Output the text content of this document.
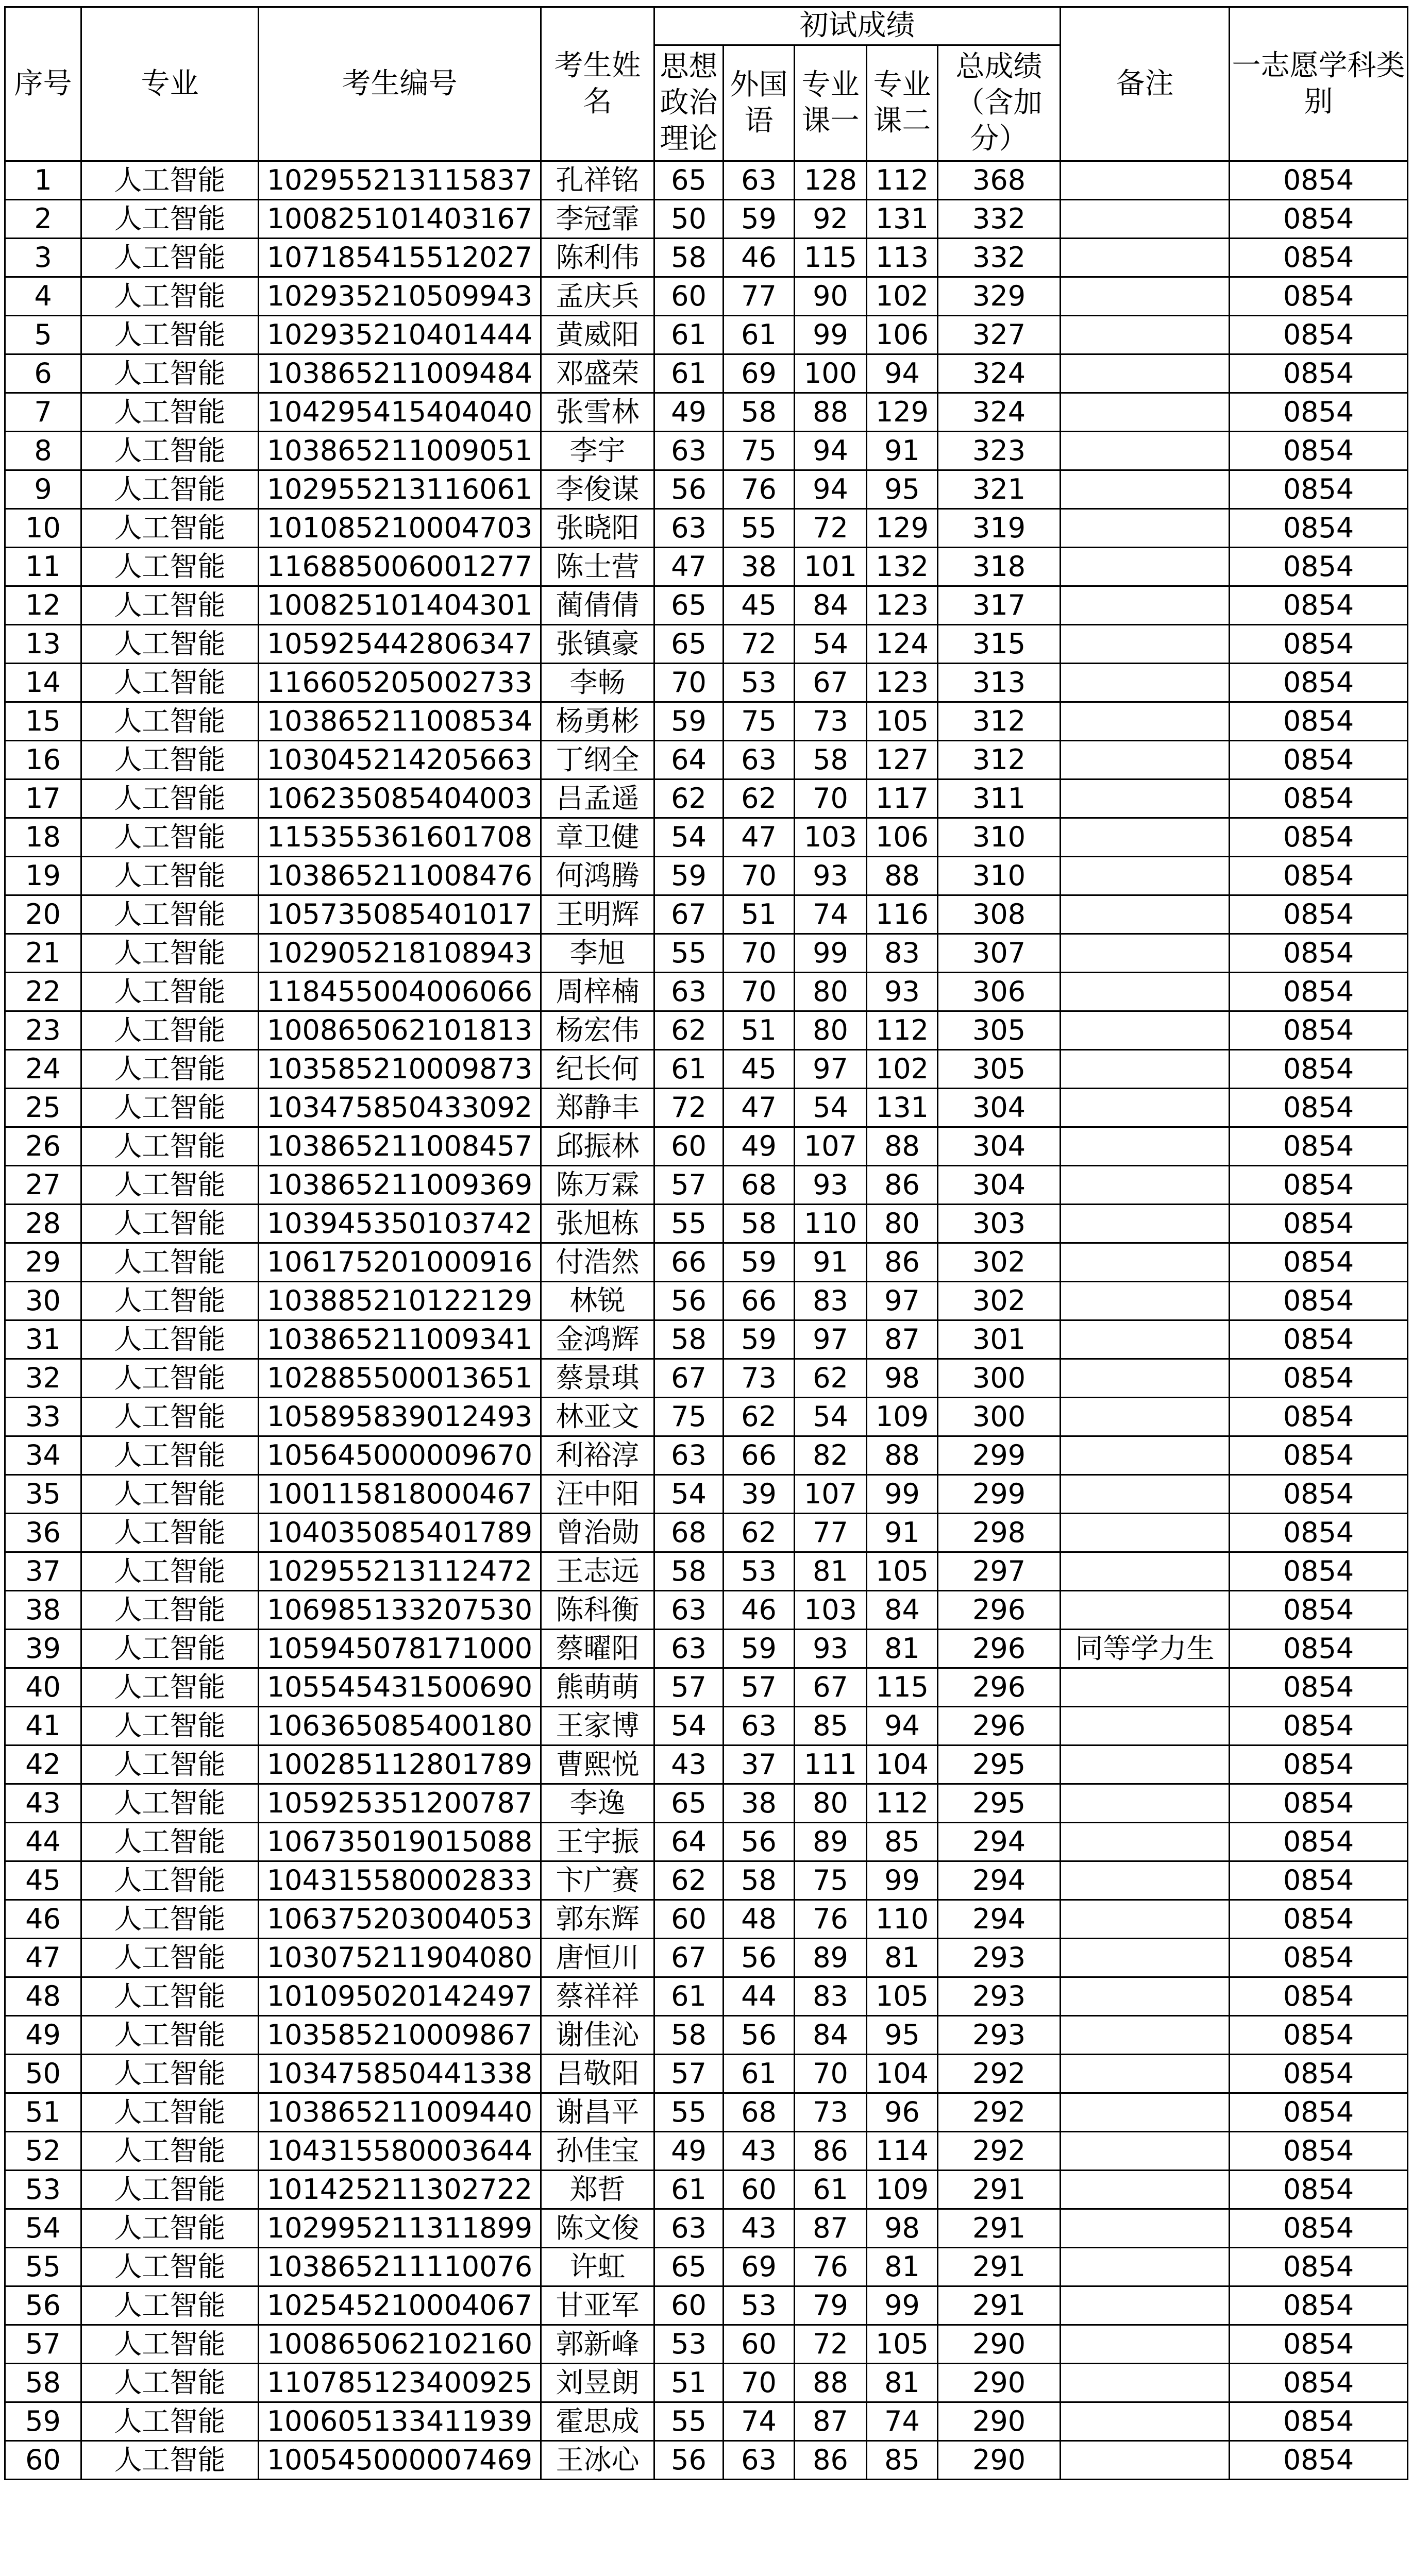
序号	专业	考生编号	考生姓名	初试成绩					备注	一志愿学科类别
				思想政治理论	外国语	专业课一	专业课二	总成绩（含加分）		
1	人工智能	102955213115837	孔祥铭	65	63	128	112	368		0854
2	人工智能	100825101403167	李冠霏	50	59	92	131	332		0854
3	人工智能	107185415512027	陈利伟	58	46	115	113	332		0854
4	人工智能	102935210509943	孟庆兵	60	77	90	102	329		0854
5	人工智能	102935210401444	黄威阳	61	61	99	106	327		0854
6	人工智能	103865211009484	邓盛荣	61	69	100	94	324		0854
7	人工智能	104295415404040	张雪林	49	58	88	129	324		0854
8	人工智能	103865211009051	李宇	63	75	94	91	323		0854
9	人工智能	102955213116061	李俊谋	56	76	94	95	321		0854
10	人工智能	101085210004703	张晓阳	63	55	72	129	319		0854
11	人工智能	116885006001277	陈士营	47	38	101	132	318		0854
12	人工智能	100825101404301	蔺倩倩	65	45	84	123	317		0854
13	人工智能	105925442806347	张镇豪	65	72	54	124	315		0854
14	人工智能	116605205002733	李畅	70	53	67	123	313		0854
15	人工智能	103865211008534	杨勇彬	59	75	73	105	312		0854
16	人工智能	103045214205663	丁纲全	64	63	58	127	312		0854
17	人工智能	106235085404003	吕孟遥	62	62	70	117	311		0854
18	人工智能	115355361601708	章卫健	54	47	103	106	310		0854
19	人工智能	103865211008476	何鸿腾	59	70	93	88	310		0854
20	人工智能	105735085401017	王明辉	67	51	74	116	308		0854
21	人工智能	102905218108943	李旭	55	70	99	83	307		0854
22	人工智能	118455004006066	周梓楠	63	70	80	93	306		0854
23	人工智能	100865062101813	杨宏伟	62	51	80	112	305		0854
24	人工智能	103585210009873	纪长何	61	45	97	102	305		0854
25	人工智能	103475850433092	郑静丰	72	47	54	131	304		0854
26	人工智能	103865211008457	邱振林	60	49	107	88	304		0854
27	人工智能	103865211009369	陈万霖	57	68	93	86	304		0854
28	人工智能	103945350103742	张旭栋	55	58	110	80	303		0854
29	人工智能	106175201000916	付浩然	66	59	91	86	302		0854
30	人工智能	103885210122129	林锐	56	66	83	97	302		0854
31	人工智能	103865211009341	金鸿辉	58	59	97	87	301		0854
32	人工智能	102885500013651	蔡景琪	67	73	62	98	300		0854
33	人工智能	105895839012493	林亚文	75	62	54	109	300		0854
34	人工智能	105645000009670	利裕淳	63	66	82	88	299		0854
35	人工智能	100115818000467	汪中阳	54	39	107	99	299		0854
36	人工智能	104035085401789	曾治勋	68	62	77	91	298		0854
37	人工智能	102955213112472	王志远	58	53	81	105	297		0854
38	人工智能	106985133207530	陈科衡	63	46	103	84	296		0854
39	人工智能	105945078171000	蔡曜阳	63	59	93	81	296	同等学力生	0854
40	人工智能	105545431500690	熊萌萌	57	57	67	115	296		0854
41	人工智能	106365085400180	王家博	54	63	85	94	296		0854
42	人工智能	100285112801789	曹熙悦	43	37	111	104	295		0854
43	人工智能	105925351200787	李逸	65	38	80	112	295		0854
44	人工智能	106735019015088	王宇振	64	56	89	85	294		0854
45	人工智能	104315580002833	卞广赛	62	58	75	99	294		0854
46	人工智能	106375203004053	郭东辉	60	48	76	110	294		0854
47	人工智能	103075211904080	唐恒川	67	56	89	81	293		0854
48	人工智能	101095020142497	蔡祥祥	61	44	83	105	293		0854
49	人工智能	103585210009867	谢佳沁	58	56	84	95	293		0854
50	人工智能	103475850441338	吕敬阳	57	61	70	104	292		0854
51	人工智能	103865211009440	谢昌平	55	68	73	96	292		0854
52	人工智能	104315580003644	孙佳宝	49	43	86	114	292		0854
53	人工智能	101425211302722	郑哲	61	60	61	109	291		0854
54	人工智能	102995211311899	陈文俊	63	43	87	98	291		0854
55	人工智能	103865211110076	许虹	65	69	76	81	291		0854
56	人工智能	102545210004067	甘亚军	60	53	79	99	291		0854
57	人工智能	100865062102160	郭新峰	53	60	72	105	290		0854
58	人工智能	110785123400925	刘昱朗	51	70	88	81	290		0854
59	人工智能	100605133411939	霍思成	55	74	87	74	290		0854
60	人工智能	100545000007469	王冰心	56	63	86	85	290		0854
